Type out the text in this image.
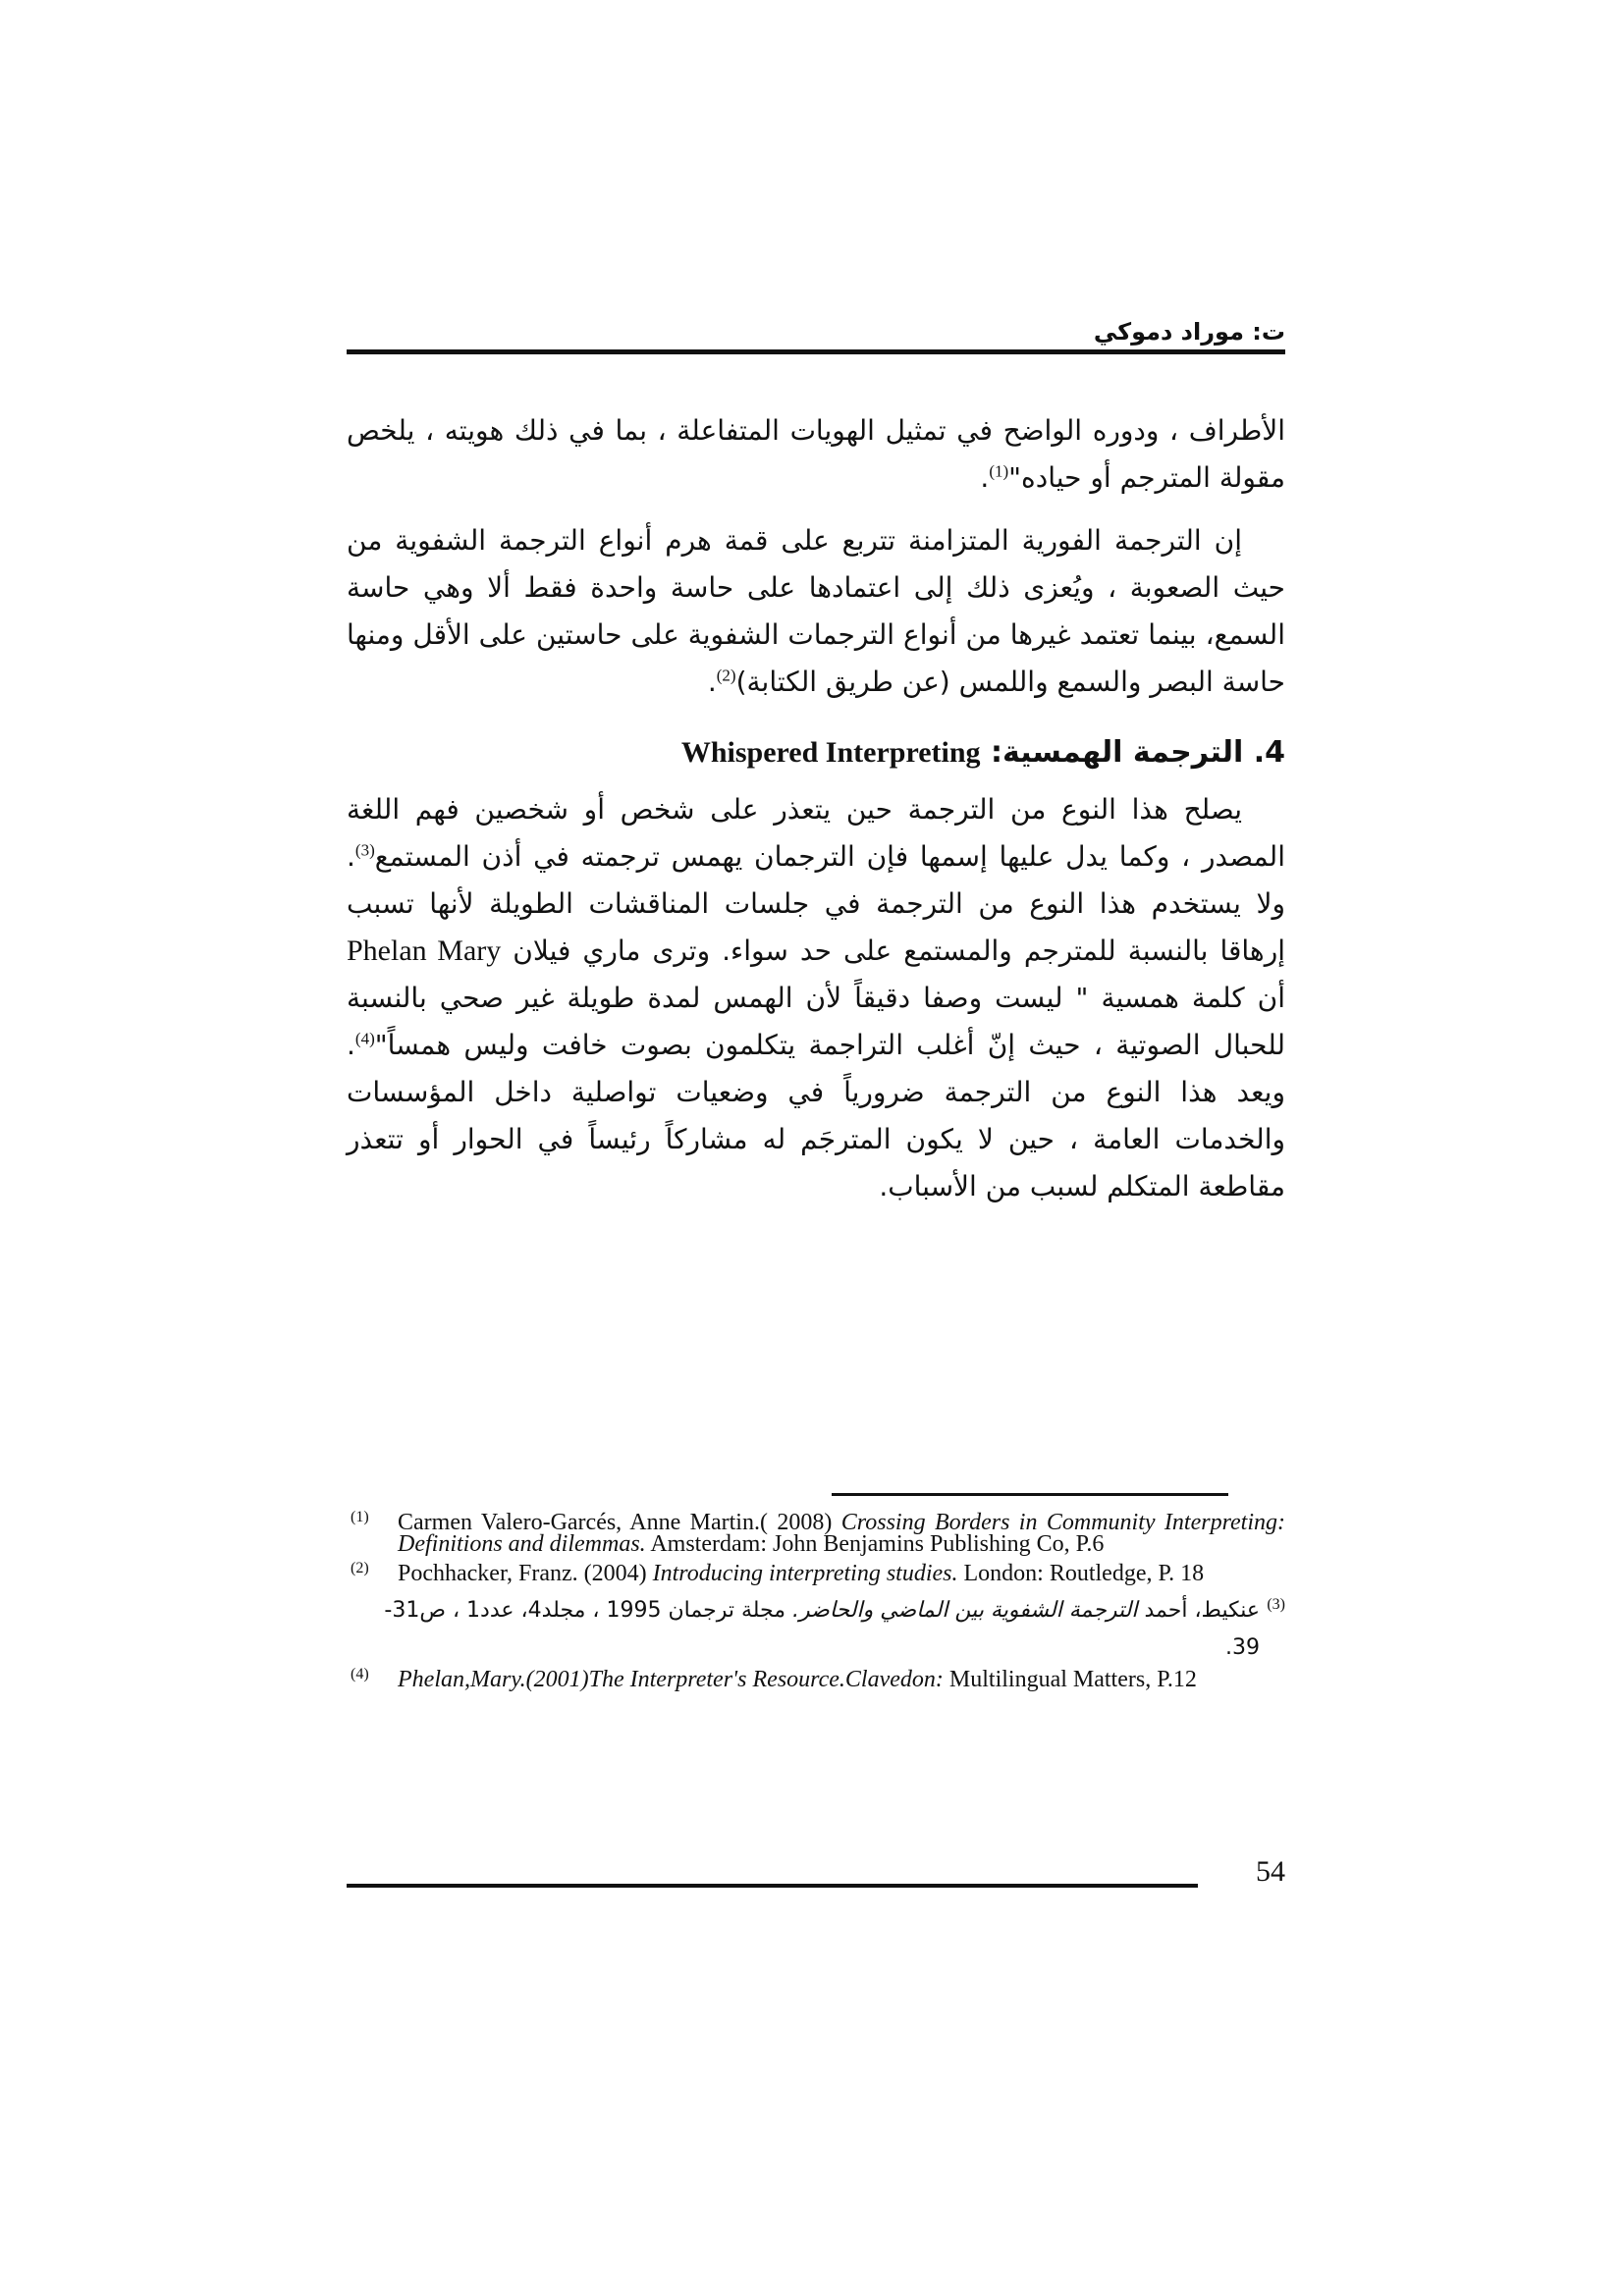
ت: موراد دموكي

الأطراف ، ودوره الواضح في تمثيل الهويات المتفاعلة ، بما في ذلك هويته ، يلخص مقولة المترجم أو حياده"$^{(1)}$.

إن الترجمة الفورية المتزامنة تتربع على قمة هرم أنواع الترجمة الشفوية من حيث الصعوبة ، ويُعزى ذلك إلى اعتمادها على حاسة واحدة فقط ألا وهي حاسة السمع، بينما تعتمد غيرها من أنواع الترجمات الشفوية على حاستين على الأقل ومنها حاسة البصر والسمع واللمس (عن طريق الكتابة)$^{(2)}$.

4. الترجمة الهمسية: Whispered Interpreting

يصلح هذا النوع من الترجمة حين يتعذر على شخص أو شخصين فهم اللغة المصدر ، وكما يدل عليها إسمها فإن الترجمان يهمس ترجمته في أذن المستمع$^{(3)}$. ولا يستخدم هذا النوع من الترجمة في جلسات المناقشات الطويلة لأنها تسبب إرهاقا بالنسبة للمترجم والمستمع على حد سواء. وترى ماري فيلان Phelan Mary أن كلمة همسية " ليست وصفا دقيقاً لأن الهمس لمدة طويلة غير صحي بالنسبة للحبال الصوتية ، حيث إنّ أغلب التراجمة يتكلمون بصوت خافت وليس همساً"$^{(4)}$. ويعد هذا النوع من الترجمة ضرورياً في وضعيات تواصلية داخل المؤسسات والخدمات العامة ، حين لا يكون المترجَم له مشاركاً رئيساً في الحوار أو تتعذر مقاطعة المتكلم لسبب من الأسباب.

(1) Carmen Valero-Garcés, Anne Martin.( 2008) Crossing Borders in Community Interpreting: Definitions and dilemmas. Amsterdam: John Benjamins Publishing Co, P.6
(2) Pochhacker, Franz. (2004) Introducing interpreting studies. London: Routledge, P. 18
(3)
عنكيط، أحمد الترجمة الشفوية بين الماضي والحاضر. مجلة ترجمان 1995 ، مجلد4، عدد1 ، ص31- 39.
(4) Phelan,Mary.(2001)The Interpreter's Resource.Clavedon: Multilingual Matters, P.12
54
